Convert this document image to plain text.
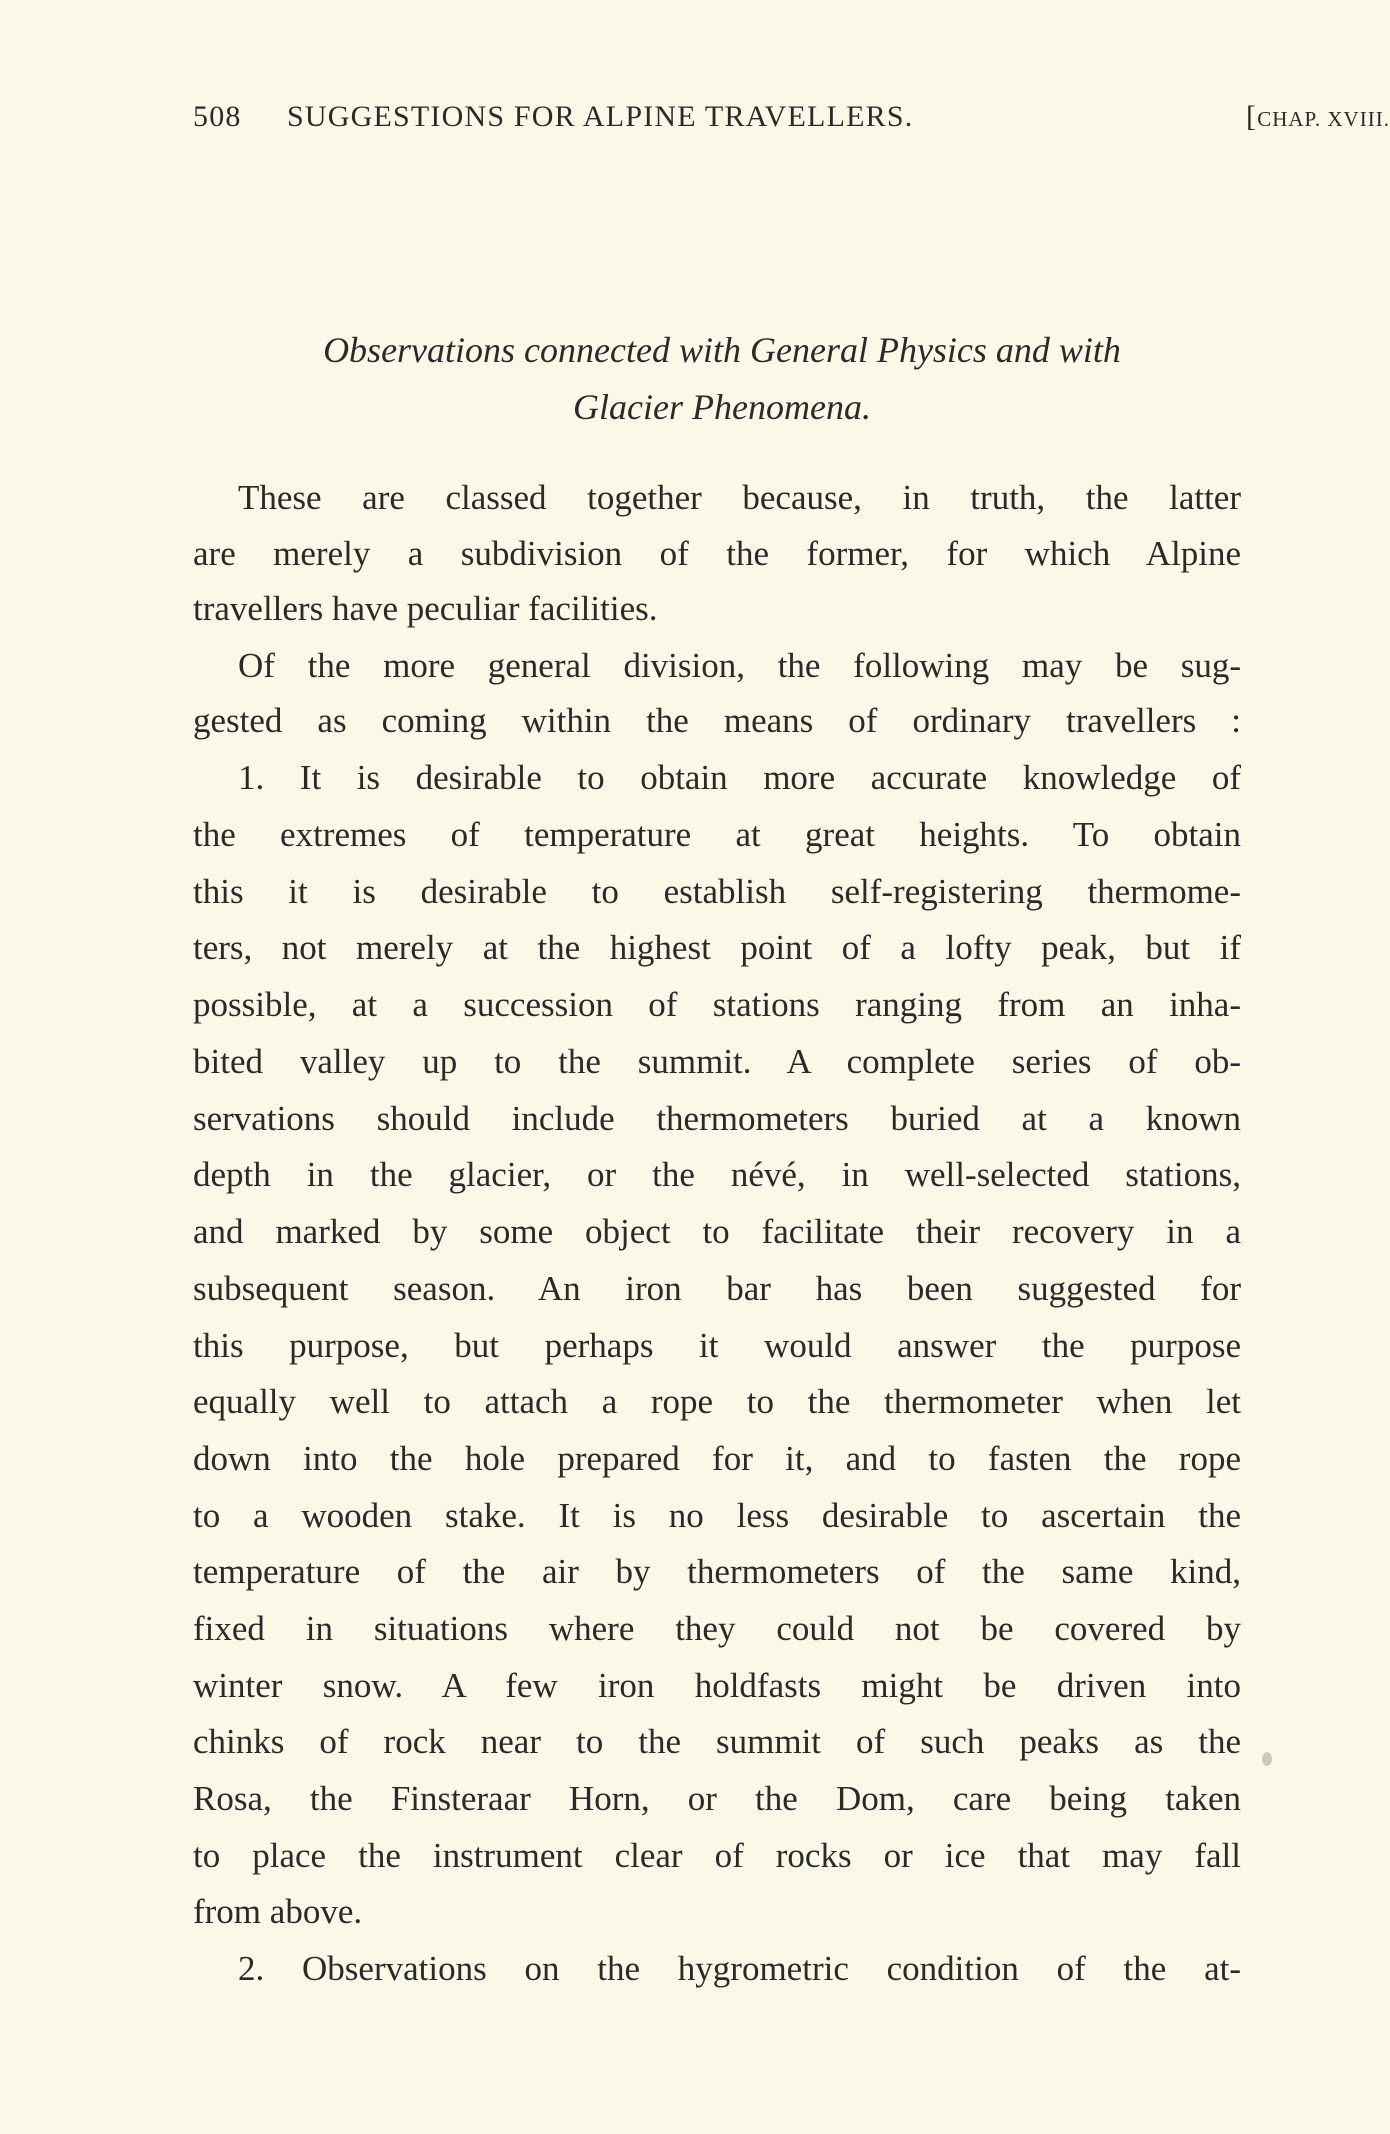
508 SUGGESTIONS FOR ALPINE TRAVELLERS.	[CHAP. XVIII.
Observations connected with General Physics and with
Glacier Phenomena.
These are classed together because, in truth, the latter
are merely a subdivision of the former, for which Alpine
travellers have peculiar facilities.
Of the more general division, the following may be sug-
gested as coming within the means of ordinary travellers :
1. It is desirable to obtain more accurate knowledge of
the extremes of temperature at great heights. To obtain
this it is desirable to establish self-registering thermome-
ters, not merely at the highest point of a lofty peak, but if
possible, at a succession of stations ranging from an inha-
bited valley up to the summit. A complete series of ob-
servations should include thermometers buried at a known
depth in the glacier, or the névé, in well-selected stations,
and marked by some object to facilitate their recovery in a
subsequent season. An iron bar has been suggested for
this purpose, but perhaps it would answer the purpose
equally well to attach a rope to the thermometer when let
down into the hole prepared for it, and to fasten the rope
to a wooden stake. It is no less desirable to ascertain the
temperature of the air by thermometers of the same kind,
fixed in situations where they could not be covered by
winter snow. A few iron holdfasts might be driven into
chinks of rock near to the summit of such peaks as the
Rosa, the Finsteraar Horn, or the Dom, care being taken
to place the instrument clear of rocks or ice that may fall
from above.
2. Observations on the hygrometric condition of the at-
